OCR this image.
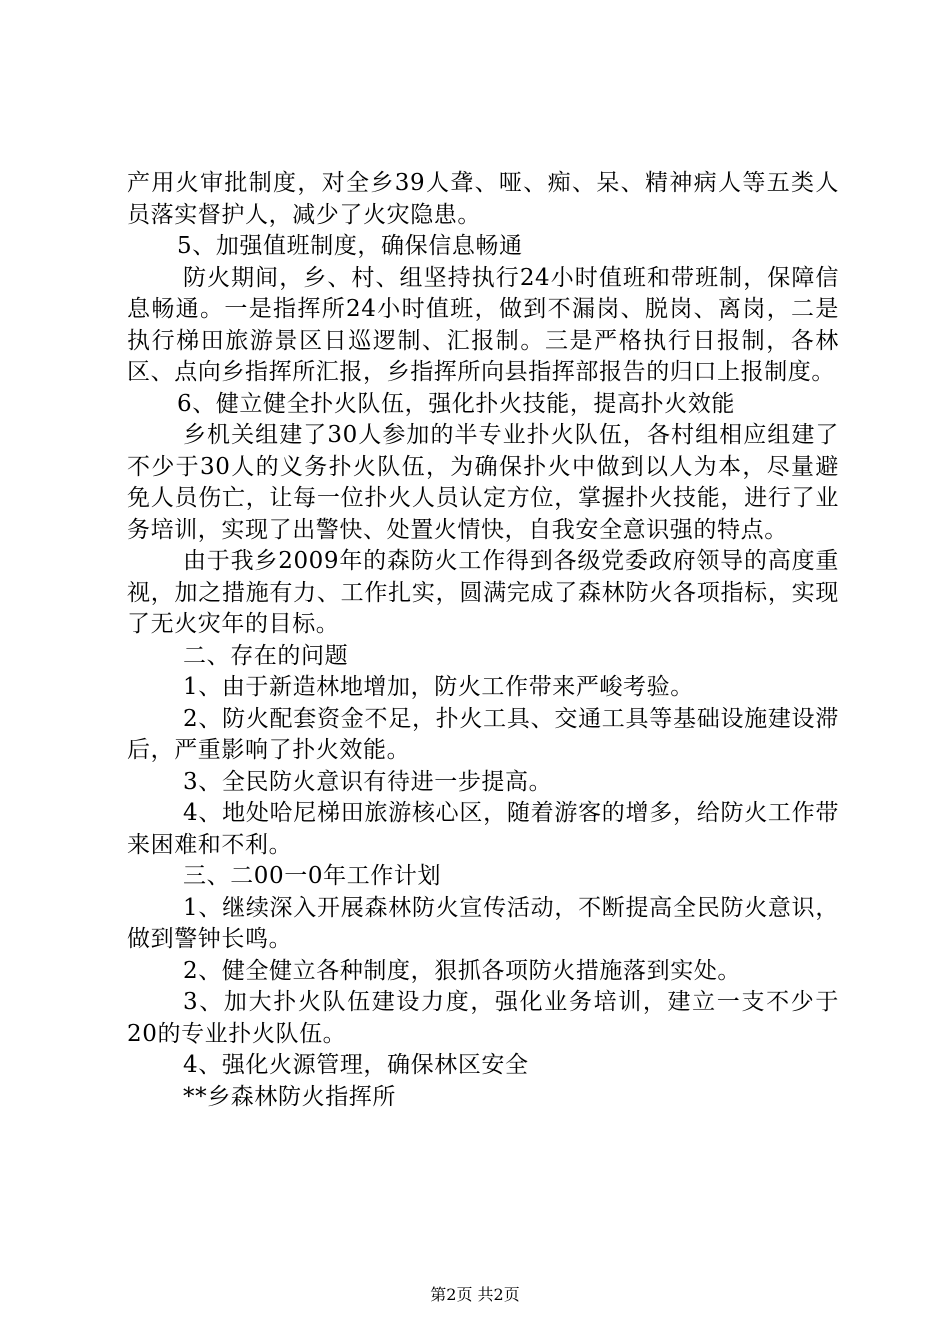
产用火审批制度，对全乡39人聋、哑、痴、呆、精神病人等五类人员落实督护人，减少了火灾隐患。

5、加强值班制度，确保信息畅通

防火期间，乡、村、组坚持执行24小时值班和带班制，保障信息畅通。一是指挥所24小时值班，做到不漏岗、脱岗、离岗，二是执行梯田旅游景区日巡逻制、汇报制。三是严格执行日报制，各林区、点向乡指挥所汇报，乡指挥所向县指挥部报告的归口上报制度。

6、健立健全扑火队伍，强化扑火技能，提高扑火效能

乡机关组建了30人参加的半专业扑火队伍，各村组相应组建了不少于30人的义务扑火队伍，为确保扑火中做到以人为本，尽量避免人员伤亡，让每一位扑火人员认定方位，掌握扑火技能，进行了业务培训，实现了出警快、处置火情快，自我安全意识强的特点。

由于我乡2009年的森防火工作得到各级党委政府领导的高度重视，加之措施有力、工作扎实，圆满完成了森林防火各项指标，实现了无火灾年的目标。

二、存在的问题

1、由于新造林地增加，防火工作带来严峻考验。

2、防火配套资金不足，扑火工具、交通工具等基础设施建设滞后，严重影响了扑火效能。

3、全民防火意识有待进一步提高。

4、地处哈尼梯田旅游核心区，随着游客的增多，给防火工作带来困难和不利。

三、二00一0年工作计划

1、继续深入开展森林防火宣传活动，不断提高全民防火意识，做到警钟长鸣。

2、健全健立各种制度，狠抓各项防火措施落到实处。

3、加大扑火队伍建设力度，强化业务培训，建立一支不少于20的专业扑火队伍。

4、强化火源管理，确保林区安全

**乡森林防火指挥所

第2页 共2页
